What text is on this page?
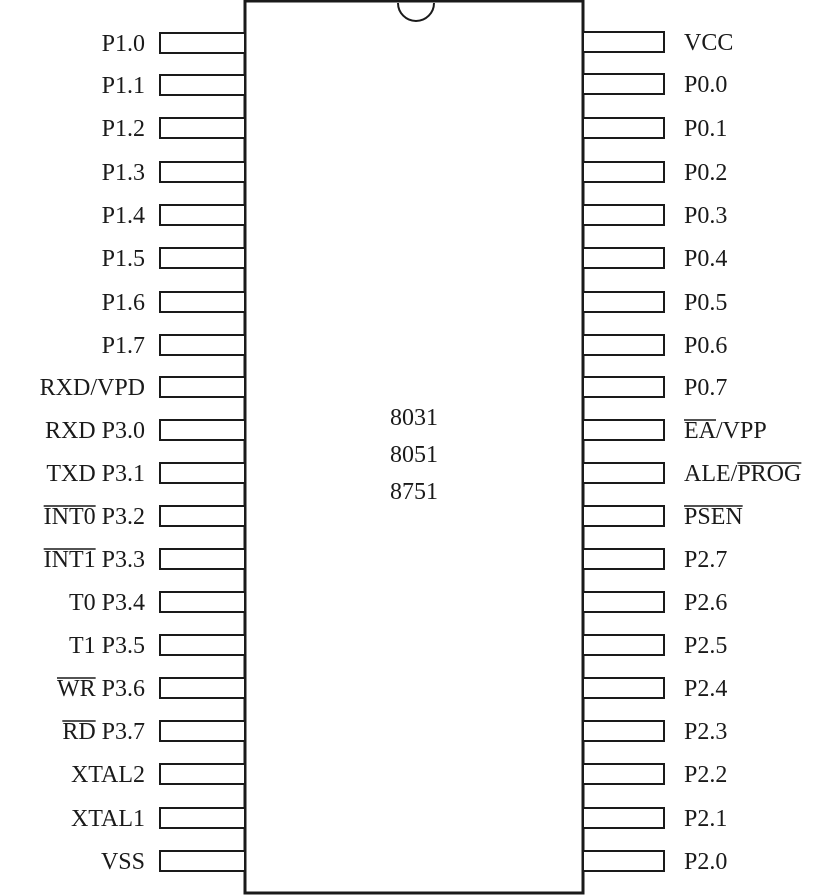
8031
8051
8751
P1.0
P1.1
P1.2
P1.3
P1.4
P1.5
P1.6
P1.7
RXD/VPD
RXD P3.0
TXD P3.1
INT0 P3.2
INT1 P3.3
T0 P3.4
T1 P3.5
WR P3.6
RD P3.7
XTAL2
XTAL1
VSS
VCC
P0.0
P0.1
P0.2
P0.3
P0.4
P0.5
P0.6
P0.7
EA/VPP
ALE/PROG
PSEN
P2.7
P2.6
P2.5
P2.4
P2.3
P2.2
P2.1
P2.0
